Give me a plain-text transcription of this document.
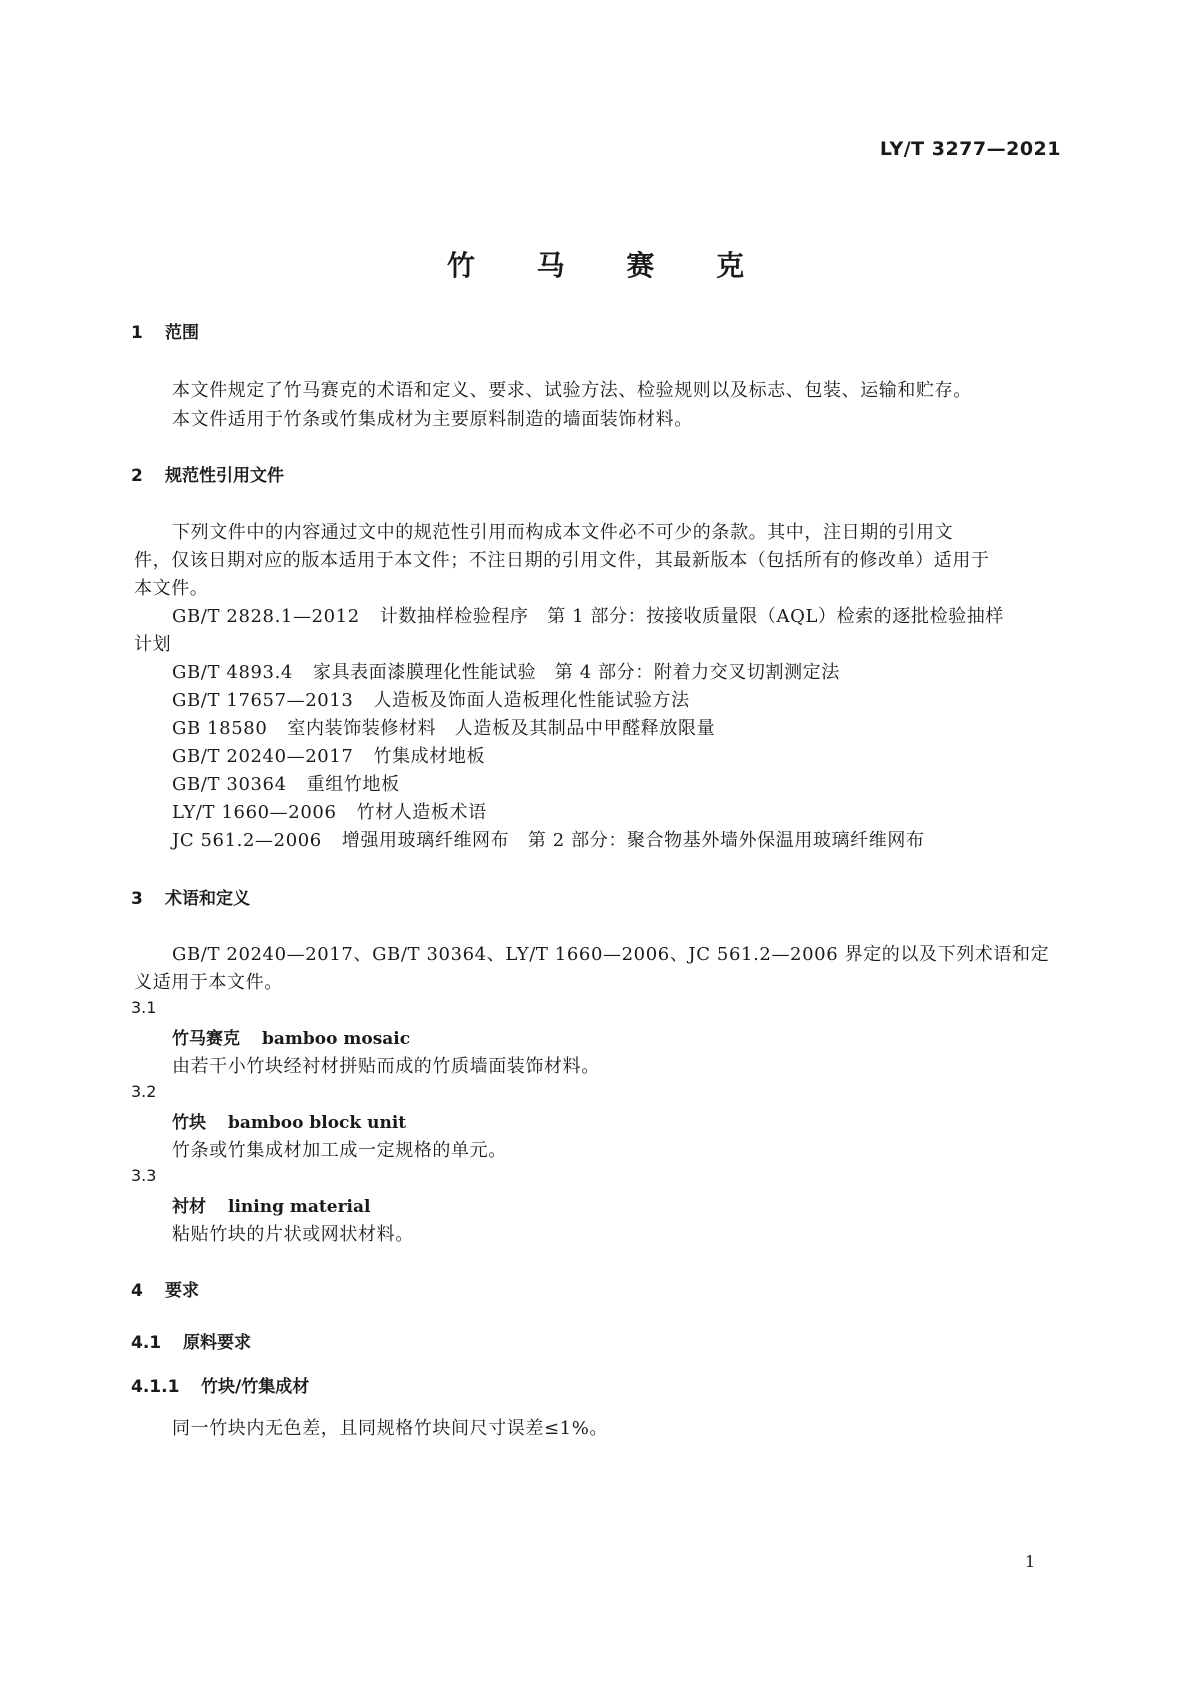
LY/T 3277—2021
竹 马 赛 克
1 范围
本文件规定了竹马赛克的术语和定义、要求、试验方法、检验规则以及标志、包装、运输和贮存。
本文件适用于竹条或竹集成材为主要原料制造的墙面装饰材料。
2 规范性引用文件
下列文件中的内容通过文中的规范性引用而构成本文件必不可少的条款。其中，注日期的引用文
件，仅该日期对应的版本适用于本文件；不注日期的引用文件，其最新版本（包括所有的修改单）适用于
本文件。
GB/T 2828.1—2012 计数抽样检验程序　第 1 部分：按接收质量限（AQL）检索的逐批检验抽样
计划
GB/T 4893.4 家具表面漆膜理化性能试验　第 4 部分：附着力交叉切割测定法
GB/T 17657—2013 人造板及饰面人造板理化性能试验方法
GB 18580 室内装饰装修材料　人造板及其制品中甲醛释放限量
GB/T 20240—2017 竹集成材地板
GB/T 30364 重组竹地板
LY/T 1660—2006 竹材人造板术语
JC 561.2—2006 增强用玻璃纤维网布　第 2 部分：聚合物基外墙外保温用玻璃纤维网布
3 术语和定义
GB/T 20240—2017、GB/T 30364、LY/T 1660—2006、JC 561.2—2006 界定的以及下列术语和定
义适用于本文件。
3.1
竹马赛克 bamboo mosaic
由若干小竹块经衬材拼贴而成的竹质墙面装饰材料。
3.2
竹块 bamboo block unit
竹条或竹集成材加工成一定规格的单元。
3.3
衬材 lining material
粘贴竹块的片状或网状材料。
4 要求
4.1 原料要求
4.1.1 竹块/竹集成材
同一竹块内无色差，且同规格竹块间尺寸误差≤1%。
1
